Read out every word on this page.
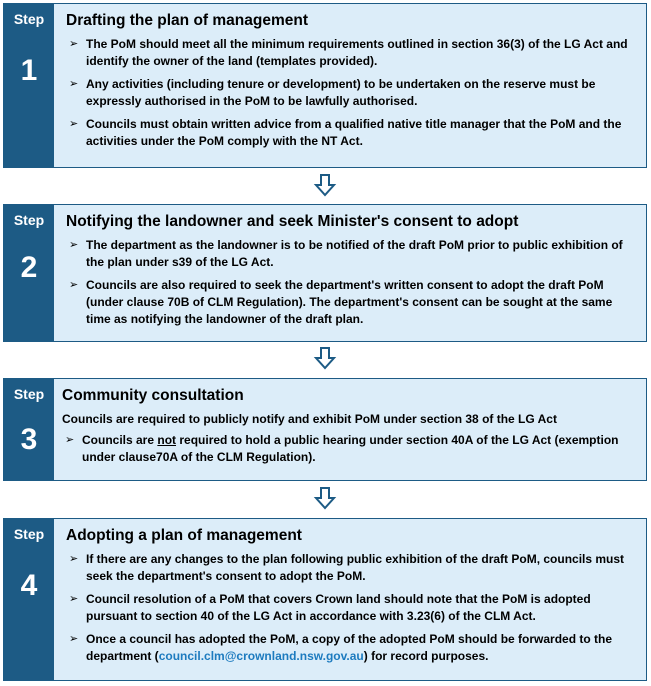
Step
1
Drafting the plan of management
➢ The PoM should meet all the minimum requirements outlined in section 36(3) of the LG Act and identify the owner of the land (templates provided).
➢ Any activities (including tenure or development) to be undertaken on the reserve must be expressly authorised in the PoM to be lawfully authorised.
➢ Councils must obtain written advice from a qualified native title manager that the PoM and the activities under the PoM comply with the NT Act.
Step
2
Notifying the landowner and seek Minister's consent to adopt
➢ The department as the landowner is to be notified of the draft PoM prior to public exhibition of the plan under s39 of the LG Act.
➢ Councils are also required to seek the department's written consent to adopt the draft PoM (under clause 70B of CLM Regulation). The department's consent can be sought at the same time as notifying the landowner of the draft plan.
Step
3
Community consultation
Councils are required to publicly notify and exhibit PoM under section 38 of the LG Act
➢ Councils are not required to hold a public hearing under section 40A of the LG Act (exemption under clause70A of the CLM Regulation).
Step
4
Adopting a plan of management
➢ If there are any changes to the plan following public exhibition of the draft PoM, councils must seek the department's consent to adopt the PoM.
➢ Council resolution of a PoM that covers Crown land should note that the PoM is adopted pursuant to section 40 of the LG Act in accordance with 3.23(6) of the CLM Act.
➢ Once a council has adopted the PoM, a copy of the adopted PoM should be forwarded to the department (council.clm@crownland.nsw.gov.au) for record purposes.
